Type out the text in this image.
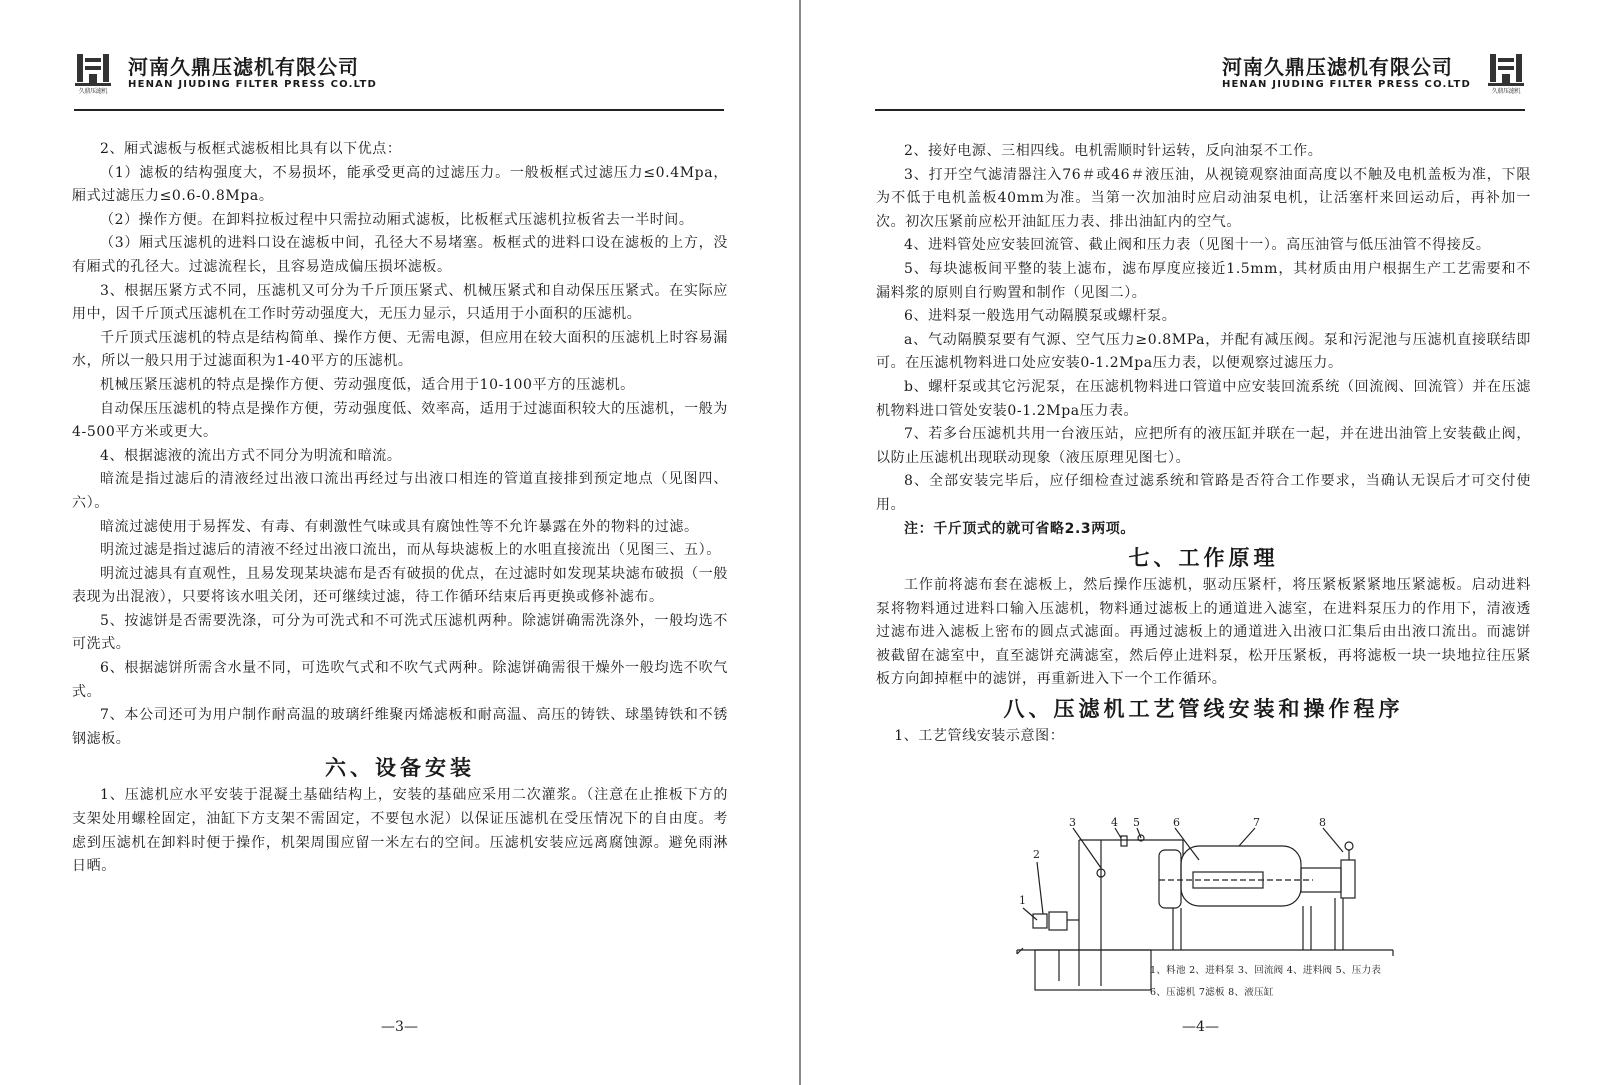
久鼎压滤机
河南久鼎压滤机有限公司
HENAN JIUDING FILTER PRESS CO.LTD

2、厢式滤板与板框式滤板相比具有以下优点：

（1）滤板的结构强度大，不易损坏，能承受更高的过滤压力。一般板框式过滤压力≤0.4Mpa，厢式过滤压力≤0.6-0.8Mpa。

（2）操作方便。在卸料拉板过程中只需拉动厢式滤板，比板框式压滤机拉板省去一半时间。

（3）厢式压滤机的进料口设在滤板中间，孔径大不易堵塞。板框式的进料口设在滤板的上方，没有厢式的孔径大。过滤流程长，且容易造成偏压损坏滤板。

3、根据压紧方式不同，压滤机又可分为千斤顶压紧式、机械压紧式和自动保压压紧式。在实际应用中，因千斤顶式压滤机在工作时劳动强度大，无压力显示，只适用于小面积的压滤机。

千斤顶式压滤机的特点是结构简单、操作方便、无需电源，但应用在较大面积的压滤机上时容易漏水，所以一般只用于过滤面积为1-40平方的压滤机。

机械压紧压滤机的特点是操作方便、劳动强度低，适合用于10-100平方的压滤机。

自动保压压滤机的特点是操作方便，劳动强度低、效率高，适用于过滤面积较大的压滤机，一般为4-500平方米或更大。

4、根据滤液的流出方式不同分为明流和暗流。

暗流是指过滤后的清液经过出液口流出再经过与出液口相连的管道直接排到预定地点（见图四、六）。

暗流过滤使用于易挥发、有毒、有刺激性气味或具有腐蚀性等不允许暴露在外的物料的过滤。

明流过滤是指过滤后的清液不经过出液口流出，而从每块滤板上的水咀直接流出（见图三、五）。

明流过滤具有直观性，且易发现某块滤布是否有破损的优点，在过滤时如发现某块滤布破损（一般表现为出混液），只要将该水咀关闭，还可继续过滤，待工作循环结束后再更换或修补滤布。

5、按滤饼是否需要洗涤，可分为可洗式和不可洗式压滤机两种。除滤饼确需洗涤外，一般均选不可洗式。

6、根据滤饼所需含水量不同，可选吹气式和不吹气式两种。除滤饼确需很干燥外一般均选不吹气式。

7、本公司还可为用户制作耐高温的玻璃纤维聚丙烯滤板和耐高温、高压的铸铁、球墨铸铁和不锈钢滤板。

六、设备安装

1、压滤机应水平安装于混凝土基础结构上，安装的基础应采用二次灌浆。（注意在止推板下方的支架处用螺栓固定，油缸下方支架不需固定，不要包水泥）以保证压滤机在受压情况下的自由度。考虑到压滤机在卸料时便于操作，机架周围应留一米左右的空间。压滤机安装应远离腐蚀源。避免雨淋日晒。

—3—
河南久鼎压滤机有限公司
HENAN JIUDING FILTER PRESS CO.LTD
久鼎压滤机

2、接好电源、三相四线。电机需顺时针运转，反向油泵不工作。

3、打开空气滤清器注入76＃或46＃液压油，从视镜观察油面高度以不触及电机盖板为准，下限为不低于电机盖板40mm为准。当第一次加油时应启动油泵电机，让活塞杆来回运动后，再补加一次。初次压紧前应松开油缸压力表、排出油缸内的空气。

4、进料管处应安装回流管、截止阀和压力表（见图十一）。高压油管与低压油管不得接反。

5、每块滤板间平整的装上滤布，滤布厚度应接近1.5mm，其材质由用户根据生产工艺需要和不漏料浆的原则自行购置和制作（见图二）。

6、进料泵一般选用气动隔膜泵或螺杆泵。

a、气动隔膜泵要有气源、空气压力≥0.8MPa，并配有减压阀。泵和污泥池与压滤机直接联结即可。在压滤机物料进口处应安装0-1.2Mpa压力表，以便观察过滤压力。

b、螺杆泵或其它污泥泵，在压滤机物料进口管道中应安装回流系统（回流阀、回流管）并在压滤机物料进口管处安装0-1.2Mpa压力表。

7、若多台压滤机共用一台液压站，应把所有的液压缸并联在一起，并在进出油管上安装截止阀，以防止压滤机出现联动现象（液压原理见图七）。

8、全部安装完毕后，应仔细检查过滤系统和管路是否符合工作要求，当确认无误后才可交付使用。

注：千斤顶式的就可省略2.3两项。

七、工作原理

工作前将滤布套在滤板上，然后操作压滤机，驱动压紧杆，将压紧板紧紧地压紧滤板。启动进料泵将物料通过进料口输入压滤机，物料通过滤板上的通道进入滤室，在进料泵压力的作用下，清液透过滤布进入滤板上密布的圆点式滤面。再通过滤板上的通道进入出液口汇集后由出液口流出。而滤饼被截留在滤室中，直至滤饼充满滤室，然后停止进料泵，松开压紧板，再将滤板一块一块地拉往压紧板方向卸掉框中的滤饼，再重新进入下一个工作循环。

八、压滤机工艺管线安装和操作程序

1、工艺管线安装示意图：

1
2
3	4 5	6	7	8
1、料池 2、进料泵 3、回流阀 4、进料阀 5、压力表
6、压滤机 7滤板 8、液压缸
—4—
